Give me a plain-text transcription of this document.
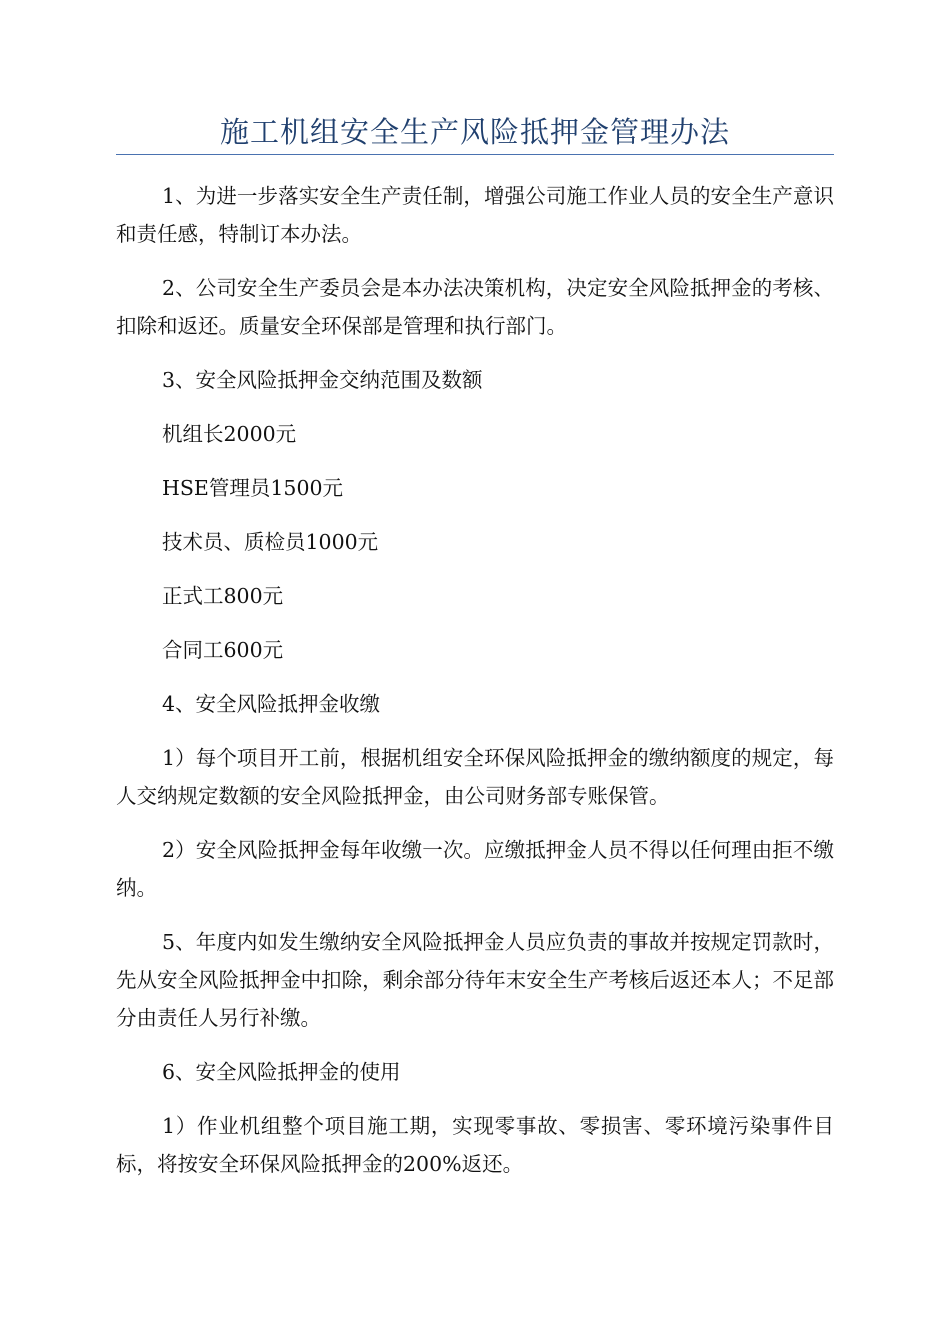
施工机组安全生产风险抵押金管理办法

1、为进一步落实安全生产责任制，增强公司施工作业人员的安全生产意识和责任感，特制订本办法。

2、公司安全生产委员会是本办法决策机构，决定安全风险抵押金的考核、扣除和返还。质量安全环保部是管理和执行部门。

3、安全风险抵押金交纳范围及数额

机组长2000元

HSE管理员1500元

技术员、质检员1000元

正式工800元

合同工600元

4、安全风险抵押金收缴

1）每个项目开工前，根据机组安全环保风险抵押金的缴纳额度的规定，每人交纳规定数额的安全风险抵押金，由公司财务部专账保管。

2）安全风险抵押金每年收缴一次。应缴抵押金人员不得以任何理由拒不缴纳。

5、年度内如发生缴纳安全风险抵押金人员应负责的事故并按规定罚款时，先从安全风险抵押金中扣除，剩余部分待年末安全生产考核后返还本人；不足部分由责任人另行补缴。

6、安全风险抵押金的使用

1）作业机组整个项目施工期，实现零事故、零损害、零环境污染事件目标，将按安全环保风险抵押金的200%返还。
